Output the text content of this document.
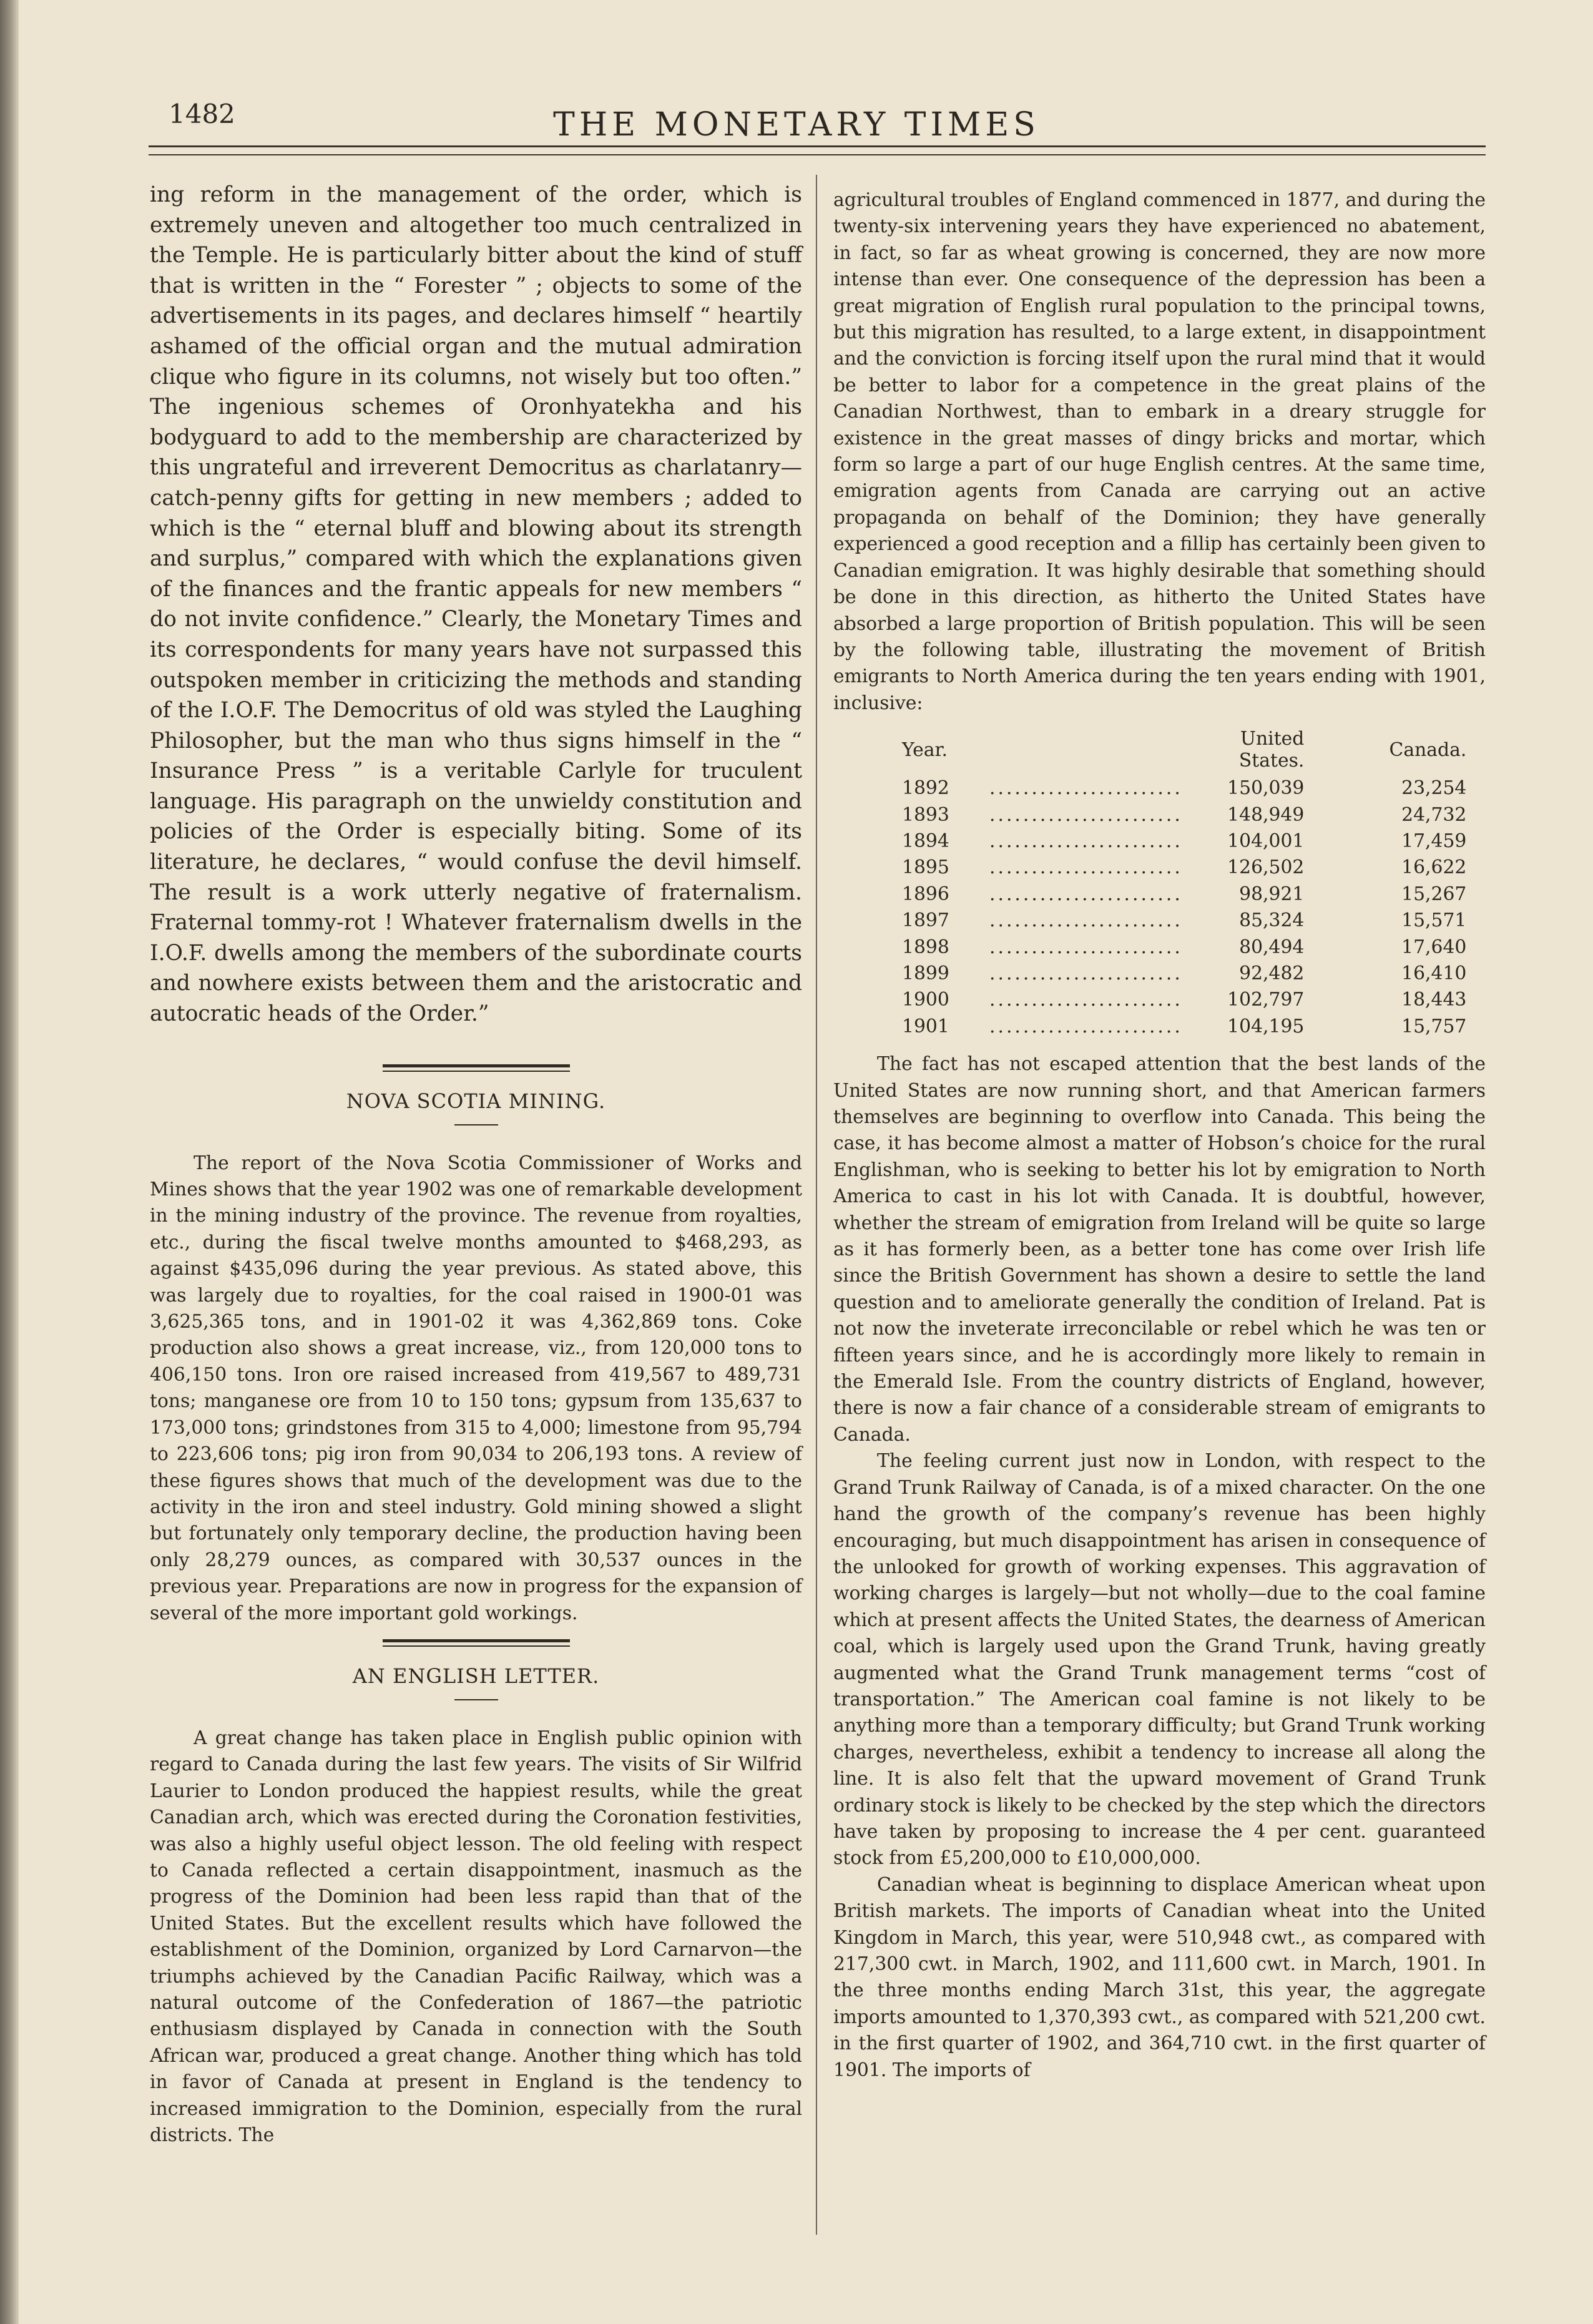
1482	THE MONETARY TIMES

ing reform in the management of the order, which is extremely uneven and altogether too much centralized in the Temple. He is particularly bitter about the kind of stuff that is written in the “ Forester ” ; objects to some of the advertisements in its pages, and declares himself “ heartily ashamed of the official organ and the mutual admiration clique who figure in its columns, not wisely but too often.” The ingenious schemes of Oronhyatekha and his bodyguard to add to the membership are characterized by this ungrateful and irreverent Democritus as charlatanry—catch-penny gifts for getting in new members ; added to which is the “ eternal bluff and blowing about its strength and surplus,” compared with which the explanations given of the finances and the frantic appeals for new members “ do not invite confidence.” Clearly, the Monetary Times and its correspondents for many years have not surpassed this outspoken member in criticizing the methods and standing of the I.O.F. The Democritus of old was styled the Laughing Philosopher, but the man who thus signs himself in the “ Insurance Press ” is a veritable Carlyle for truculent language. His paragraph on the unwieldy constitution and policies of the Order is especially biting. Some of its literature, he declares, “ would confuse the devil himself. The result is a work utterly negative of fraternalism. Fraternal tommy-rot ! Whatever fraternalism dwells in the I.O.F. dwells among the members of the subordinate courts and nowhere exists between them and the aristocratic and autocratic heads of the Order.”

NOVA SCOTIA MINING.

The report of the Nova Scotia Commissioner of Works and Mines shows that the year 1902 was one of remarkable development in the mining industry of the province. The revenue from royalties, etc., during the fiscal twelve months amounted to $468,293, as against $435,096 during the year previous. As stated above, this was largely due to royalties, for the coal raised in 1900-01 was 3,625,365 tons, and in 1901-02 it was 4,362,869 tons. Coke production also shows a great increase, viz., from 120,000 tons to 406,150 tons. Iron ore raised increased from 419,567 to 489,731 tons; manganese ore from 10 to 150 tons; gypsum from 135,637 to 173,000 tons; grindstones from 315 to 4,000; limestone from 95,794 to 223,606 tons; pig iron from 90,034 to 206,193 tons. A review of these figures shows that much of the development was due to the activity in the iron and steel industry. Gold mining showed a slight but fortunately only temporary decline, the production having been only 28,279 ounces, as compared with 30,537 ounces in the previous year. Preparations are now in progress for the expansion of several of the more important gold workings.

AN ENGLISH LETTER.

A great change has taken place in English public opinion with regard to Canada during the last few years. The visits of Sir Wilfrid Laurier to London produced the happiest results, while the great Canadian arch, which was erected during the Coronation festivities, was also a highly useful object lesson. The old feeling with respect to Canada reflected a certain disappointment, inasmuch as the progress of the Dominion had been less rapid than that of the United States. But the excellent results which have followed the establishment of the Dominion, organized by Lord Carnarvon—the triumphs achieved by the Canadian Pacific Railway, which was a natural outcome of the Confederation of 1867—the patriotic enthusiasm displayed by Canada in connection with the South African war, produced a great change. Another thing which has told in favor of Canada at present in England is the tendency to increased immigration to the Dominion, especially from the rural districts. The

agricultural troubles of England commenced in 1877, and during the twenty-six intervening years they have experienced no abatement, in fact, so far as wheat growing is concerned, they are now more intense than ever. One consequence of the depression has been a great migration of English rural population to the principal towns, but this migration has resulted, to a large extent, in disappointment and the conviction is forcing itself upon the rural mind that it would be better to labor for a competence in the great plains of the Canadian Northwest, than to embark in a dreary struggle for existence in the great masses of dingy bricks and mortar, which form so large a part of our huge English centres. At the same time, emigration agents from Canada are carrying out an active propaganda on behalf of the Dominion; they have generally experienced a good reception and a fillip has certainly been given to Canadian emigration. It was highly desirable that something should be done in this direction, as hitherto the United States have absorbed a large proportion of British population. This will be seen by the following table, illustrating the movement of British emigrants to North America during the ten years ending with 1901, inclusive:

Year.		United States.	Canada.
1892	.......................	150,039	23,254
1893	.......................	148,949	24,732
1894	.......................	104,001	17,459
1895	.......................	126,502	16,622
1896	.......................	98,921	15,267
1897	.......................	85,324	15,571
1898	.......................	80,494	17,640
1899	.......................	92,482	16,410
1900	.......................	102,797	18,443
1901	.......................	104,195	15,757

The fact has not escaped attention that the best lands of the United States are now running short, and that American farmers themselves are beginning to overflow into Canada. This being the case, it has become almost a matter of Hobson’s choice for the rural Englishman, who is seeking to better his lot by emigration to North America to cast in his lot with Canada. It is doubtful, however, whether the stream of emigration from Ireland will be quite so large as it has formerly been, as a better tone has come over Irish life since the British Government has shown a desire to settle the land question and to ameliorate generally the condition of Ireland. Pat is not now the inveterate irreconcilable or rebel which he was ten or fifteen years since, and he is accordingly more likely to remain in the Emerald Isle. From the country districts of England, however, there is now a fair chance of a considerable stream of emigrants to Canada.

The feeling current just now in London, with respect to the Grand Trunk Railway of Canada, is of a mixed character. On the one hand the growth of the company’s revenue has been highly encouraging, but much disappointment has arisen in consequence of the unlooked for growth of working expenses. This aggravation of working charges is largely—but not wholly—due to the coal famine which at present affects the United States, the dearness of American coal, which is largely used upon the Grand Trunk, having greatly augmented what the Grand Trunk management terms “cost of transportation.” The American coal famine is not likely to be anything more than a temporary difficulty; but Grand Trunk working charges, nevertheless, exhibit a tendency to increase all along the line. It is also felt that the upward movement of Grand Trunk ordinary stock is likely to be checked by the step which the directors have taken by proposing to increase the 4 per cent. guaranteed stock from £5,200,000 to £10,000,000.

Canadian wheat is beginning to displace American wheat upon British markets. The imports of Canadian wheat into the United Kingdom in March, this year, were 510,948 cwt., as compared with 217,300 cwt. in March, 1902, and 111,600 cwt. in March, 1901. In the three months ending March 31st, this year, the aggregate imports amounted to 1,370,393 cwt., as compared with 521,200 cwt. in the first quarter of 1902, and 364,710 cwt. in the first quarter of 1901. The imports of
